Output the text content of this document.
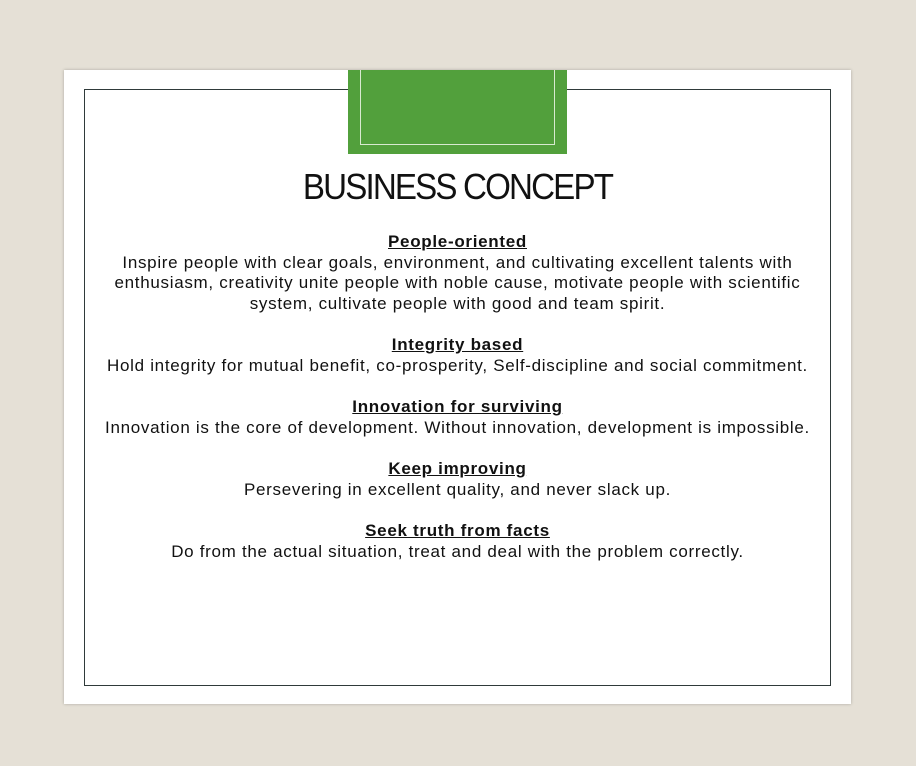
BUSINESS CONCEPT
People-oriented
Inspire people with clear goals, environment, and cultivating excellent talents with enthusiasm, creativity unite people with noble cause, motivate people with scientific system, cultivate people with good and team spirit.
Integrity based
Hold integrity for mutual benefit, co-prosperity, Self-discipline and social commitment.
Innovation for surviving
Innovation is the core of development. Without innovation, development is impossible.
Keep improving
Persevering in excellent quality, and never slack up.
Seek truth from facts
Do from the actual situation, treat and deal with the problem correctly.
